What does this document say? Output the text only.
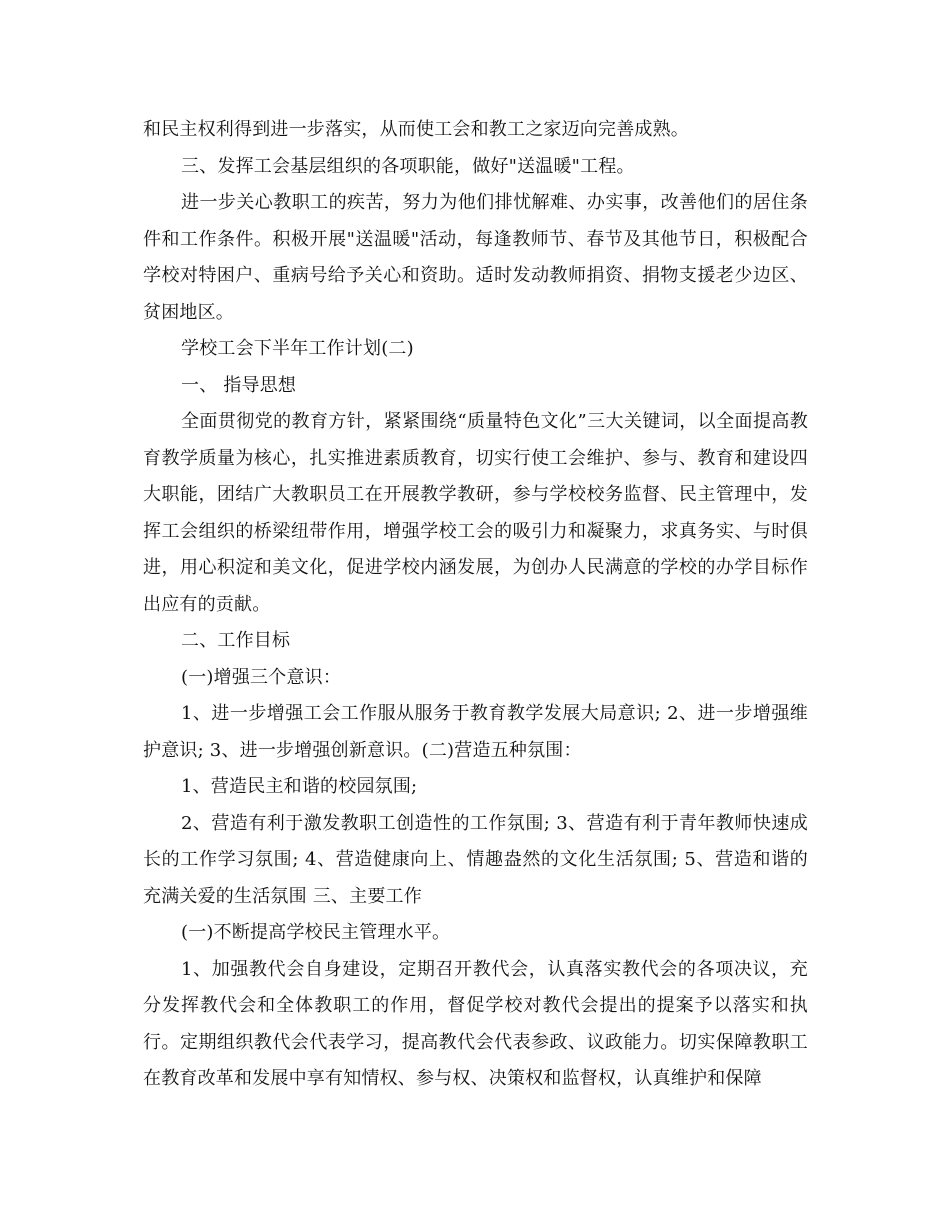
和民主权利得到进一步落实，从而使工会和教工之家迈向完善成熟。

三、发挥工会基层组织的各项职能，做好"送温暖"工程。

进一步关心教职工的疾苦，努力为他们排忧解难、办实事，改善他们的居住条件和工作条件。积极开展"送温暖"活动，每逢教师节、春节及其他节日，积极配合学校对特困户、重病号给予关心和资助。适时发动教师捐资、捐物支援老少边区、贫困地区。

学校工会下半年工作计划(二)

一、 指导思想

全面贯彻党的教育方针，紧紧围绕“质量特色文化”三大关键词，以全面提高教育教学质量为核心，扎实推进素质教育，切实行使工会维护、参与、教育和建设四大职能，团结广大教职员工在开展教学教研，参与学校校务监督、民主管理中，发挥工会组织的桥梁纽带作用，增强学校工会的吸引力和凝聚力，求真务实、与时俱进，用心积淀和美文化，促进学校内涵发展，为创办人民满意的学校的办学目标作出应有的贡献。

二、工作目标

(一)增强三个意识：

1、进一步增强工会工作服从服务于教育教学发展大局意识; 2、进一步增强维护意识; 3、进一步增强创新意识。(二)营造五种氛围：

1、营造民主和谐的校园氛围;

2、营造有利于激发教职工创造性的工作氛围; 3、营造有利于青年教师快速成长的工作学习氛围; 4、营造健康向上、情趣盎然的文化生活氛围; 5、营造和谐的充满关爱的生活氛围 三、主要工作

(一)不断提高学校民主管理水平。

1、加强教代会自身建设，定期召开教代会，认真落实教代会的各项决议，充分发挥教代会和全体教职工的作用，督促学校对教代会提出的提案予以落实和执行。定期组织教代会代表学习，提高教代会代表参政、议政能力。切实保障教职工在教育改革和发展中享有知情权、参与权、决策权和监督权，认真维护和保障
